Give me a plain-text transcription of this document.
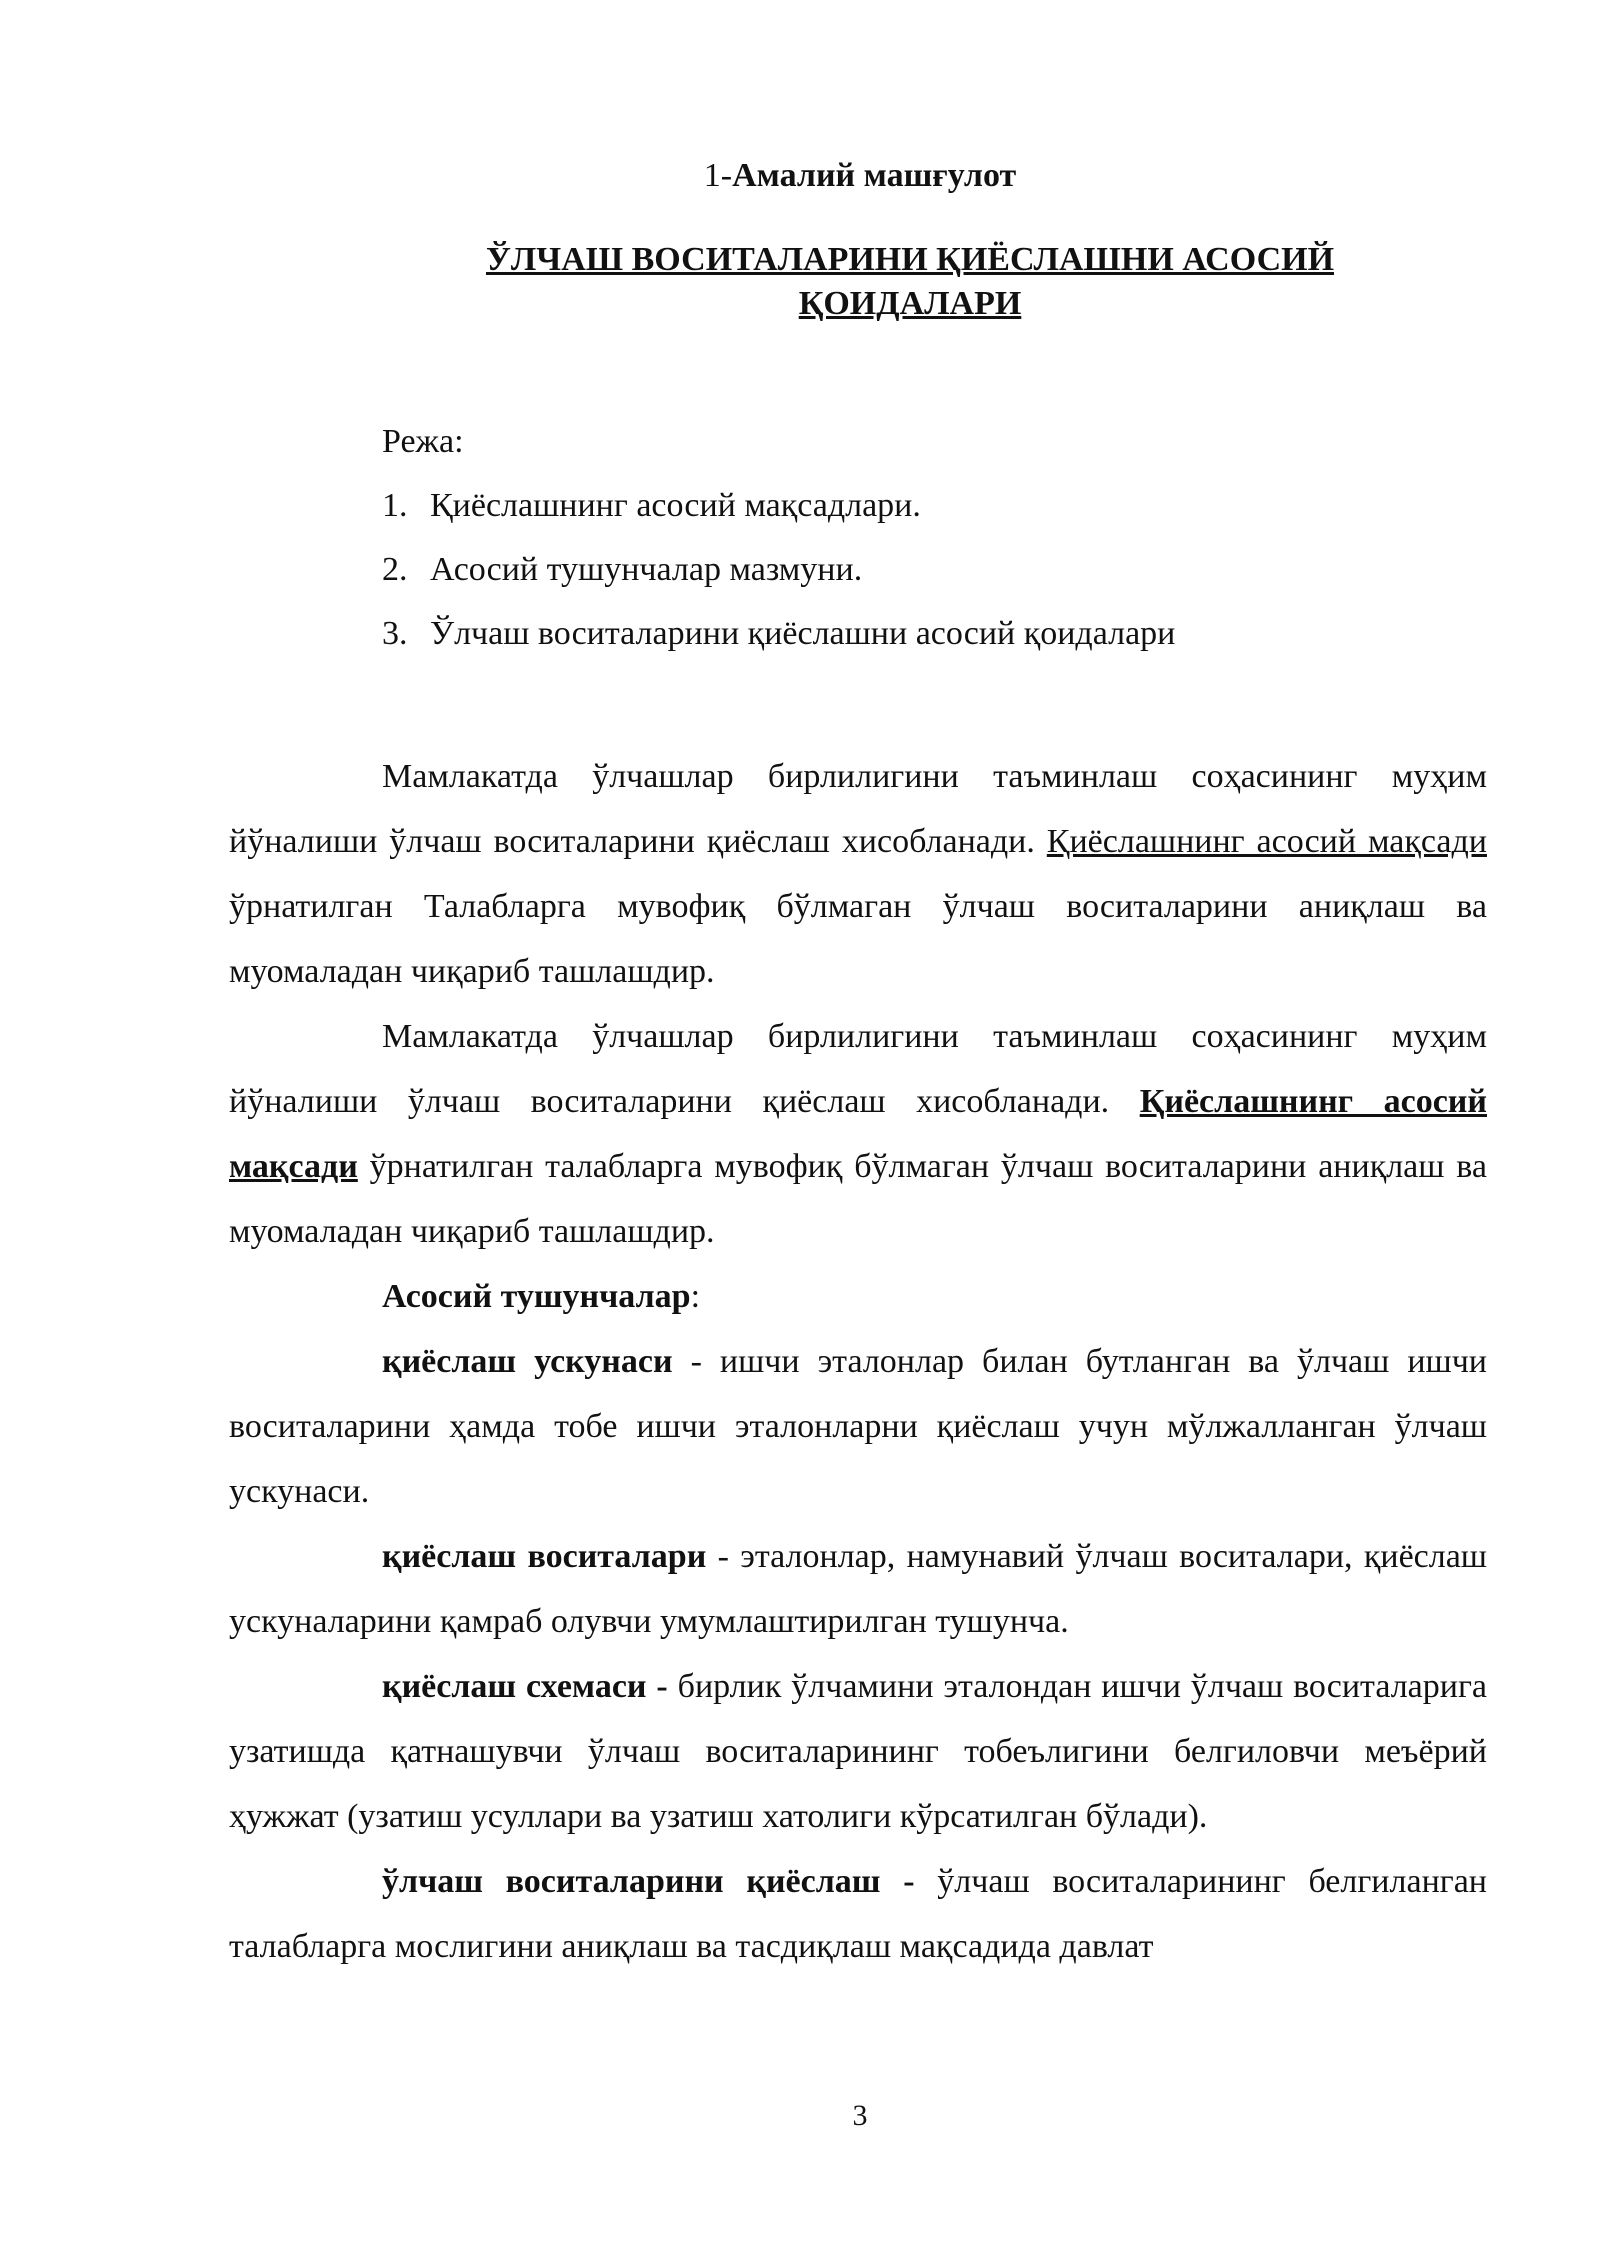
1-Амалий машғулот
ЎЛЧАШ ВОСИТАЛАРИНИ ҚИЁСЛАШНИ АСОСИЙ
ҚОИДАЛАРИ
Режа:
1. Қиёслашнинг асосий мақсадлари.
2. Асосий тушунчалар мазмуни.
3. Ўлчаш воситаларини қиёслашни асосий қоидалари

Мамлакатда ўлчашлар бирлилигини таъминлаш соҳасининг муҳим йўналиши ўлчаш воситаларини қиёслаш хисобланади. Қиёслашнинг асосий мақсади ўрнатилган Талабларга мувофиқ бўлмаган ўлчаш воситаларини аниқлаш ва муомаладан чиқариб ташлашдир.

Мамлакатда ўлчашлар бирлилигини таъминлаш соҳасининг муҳим йўналиши ўлчаш воситаларини қиёслаш хисобланади. Қиёслашнинг асосий мақсади ўрнатилган талабларга мувофиқ бўлмаган ўлчаш воситаларини аниқлаш ва муомаладан чиқариб ташлашдир.

Асосий тушунчалар:

қиёслаш ускунаси - ишчи эталонлар билан бутланган ва ўлчаш ишчи воситаларини ҳамда тобе ишчи эталонларни қиёслаш учун мўлжалланган ўлчаш ускунаси.

қиёслаш воситалари - эталонлар, намунавий ўлчаш воситалари, қиёслаш ускуналарини қамраб олувчи умумлаштирилган тушунча.

қиёслаш схемаси - бирлик ўлчамини эталондан ишчи ўлчаш воситаларига узатишда қатнашувчи ўлчаш воситаларининг тобеълигини белгиловчи меъёрий ҳужжат (узатиш усуллари ва узатиш хатолиги кўрсатилган бўлади).

ўлчаш воситаларини қиёслаш - ўлчаш воситаларининг белгиланган талабларга мослигини аниқлаш ва тасдиқлаш мақсадида давлат

3
